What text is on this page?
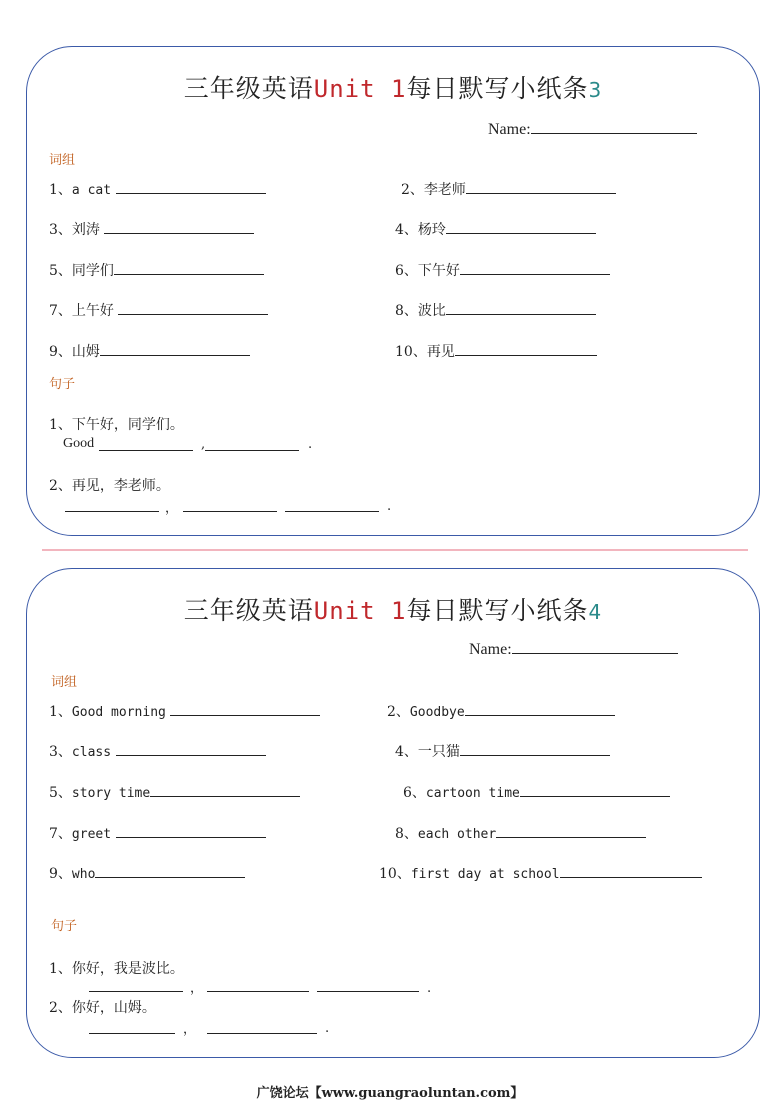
三年级英语Unit 1每日默写小纸条3
Name:
词组
1、a cat	2、李老师
3、刘涛	4、杨玲
5、同学们	6、下午好
7、上午好	8、波比
9、山姆	10、再见
句子
1、下午好，同学们。
Good	,	.
2、再见，李老师。
，	.
三年级英语Unit 1每日默写小纸条4
Name:
词组
1、Good morning	2、Goodbye
3、class	4、一只猫
5、story time	6、cartoon time
7、greet	8、each other
9、who	10、first day at school
句子
1、你好，我是波比。
，	.
2、你好，山姆。
，	.
广饶论坛【www.guangraoluntan.com】
